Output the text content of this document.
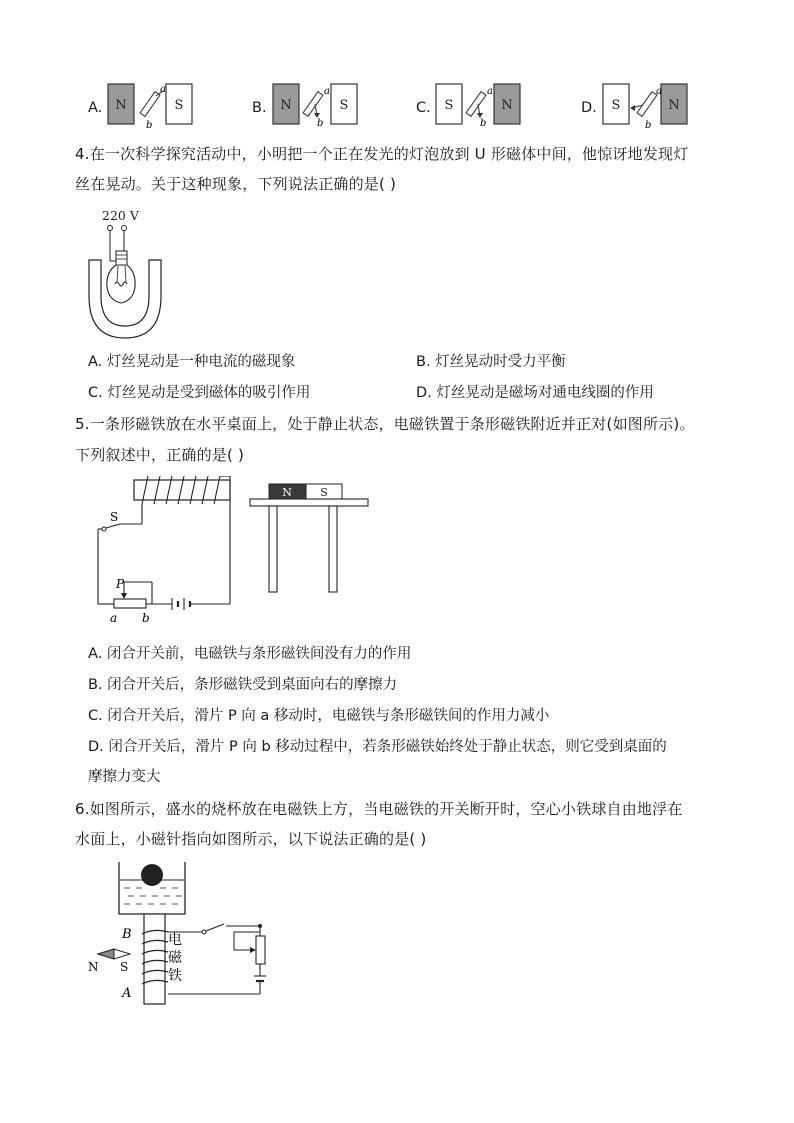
A. N	S
a
b
B. N	S
a
b
C. S	N
a
b
D. S	N
a
b
4.在一次科学探究活动中，小明把一个正在发光的灯泡放到 U 形磁体中间，他惊讶地发现灯
丝在晃动。关于这种现象，下列说法正确的是( )
220 V
A. 灯丝晃动是一种电流的磁现象	B. 灯丝晃动时受力平衡
C. 灯丝晃动是受到磁体的吸引作用	D. 灯丝晃动是磁场对通电线圈的作用
5.一条形磁铁放在水平桌面上，处于静止状态，电磁铁置于条形磁铁附近并正对(如图所示)。
下列叙述中，正确的是( )
S
P
a b
N	S
A. 闭合开关前，电磁铁与条形磁铁间没有力的作用
B. 闭合开关后，条形磁铁受到桌面向右的摩擦力
C. 闭合开关后，滑片 P 向 a 移动时，电磁铁与条形磁铁间的作用力减小
D. 闭合开关后，滑片 P 向 b 移动过程中，若条形磁铁始终处于静止状态，则它受到桌面的
摩擦力变大
6.如图所示，盛水的烧杯放在电磁铁上方，当电磁铁的开关断开时，空心小铁球自由地浮在
水面上，小磁针指向如图所示，以下说法正确的是( )
电
磁
铁
B
A
N S
